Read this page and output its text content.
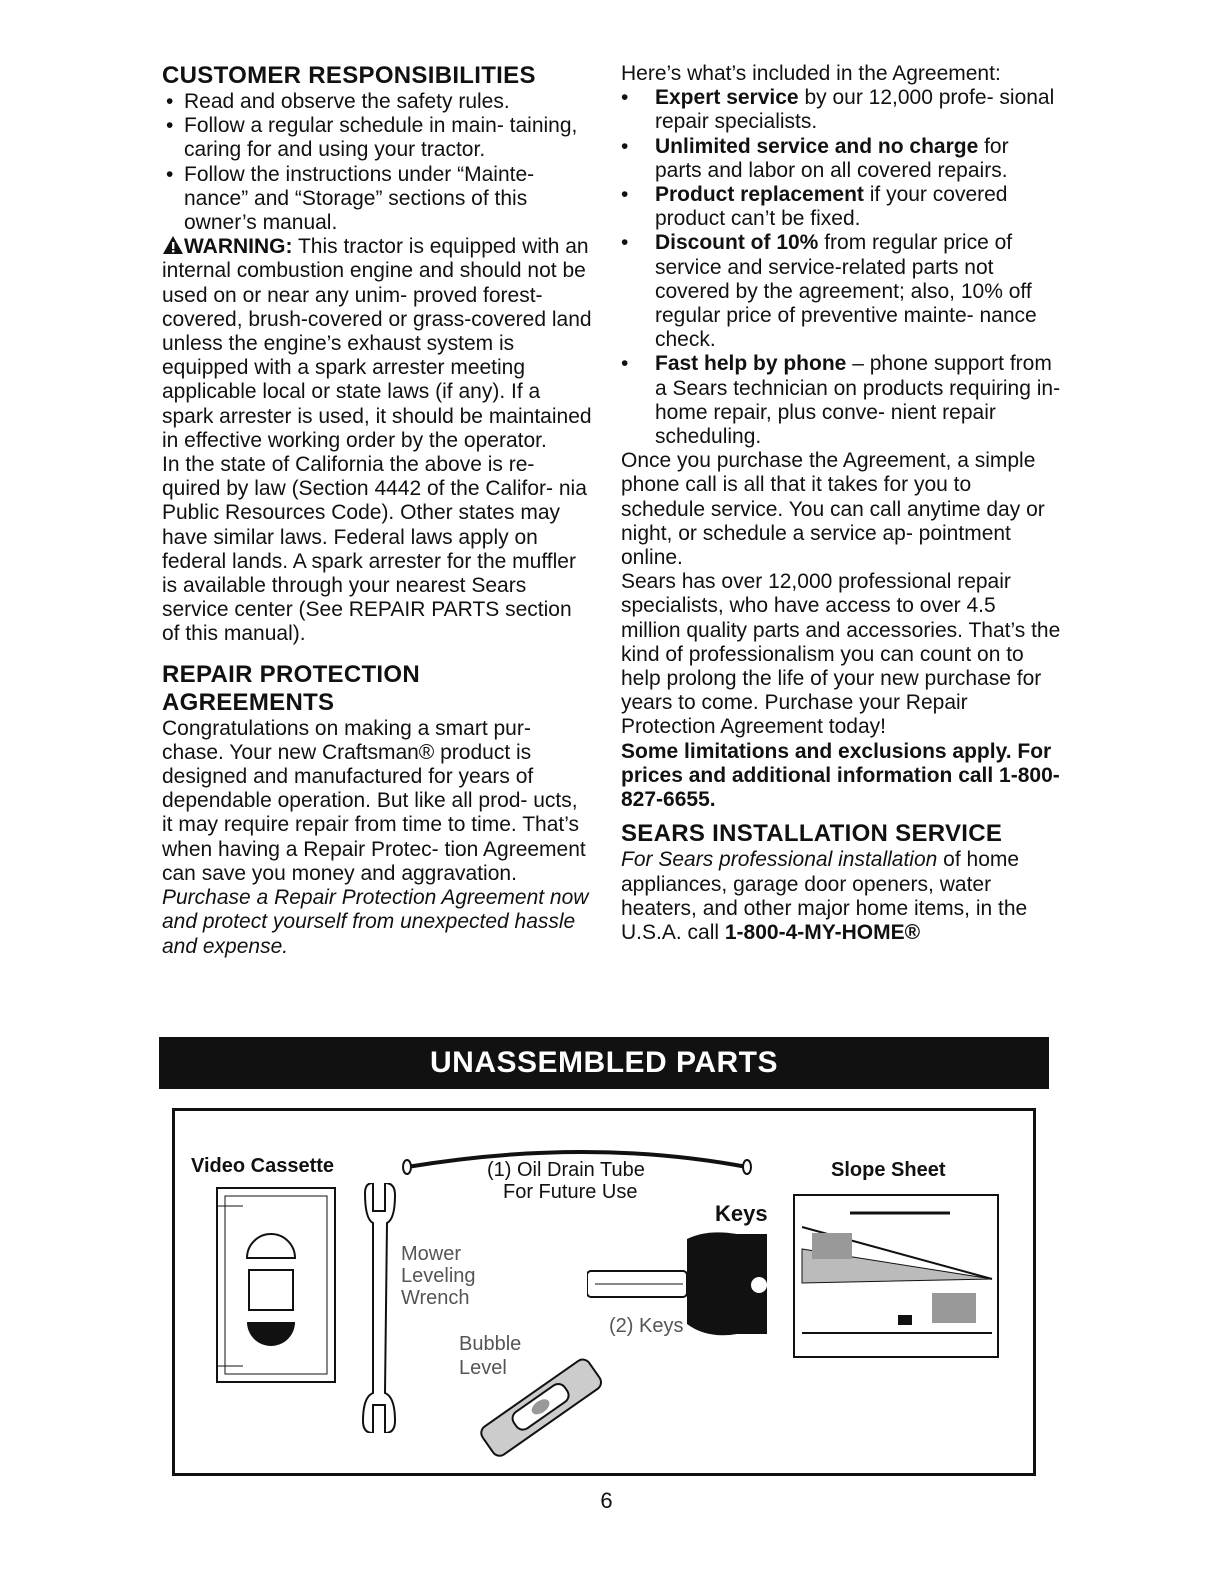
CUSTOMER RESPONSIBILITIES
• Read and observe the safety rules.
• Follow a regular schedule in main- taining, caring for and using your tractor.
• Follow the instructions under “Mainte- nance” and “Storage” sections of this owner’s manual.

WARNING: This tractor is equipped with an internal combustion engine and should not be used on or near any unim- proved forest-covered, brush-covered or grass-covered land unless the engine’s exhaust system is equipped with a spark arrester meeting applicable local or state laws (if any). If a spark arrester is used, it should be maintained in effective working order by the operator.

In the state of California the above is re- quired by law (Section 4442 of the Califor- nia Public Resources Code). Other states may have similar laws. Federal laws apply on federal lands. A spark arrester for the muffler is available through your nearest Sears service center (See REPAIR PARTS section of this manual).

REPAIR PROTECTION AGREEMENTS

Congratulations on making a smart pur- chase. Your new Craftsman® product is designed and manufactured for years of dependable operation. But like all prod- ucts, it may require repair from time to time. That’s when having a Repair Protec- tion Agreement can save you money and aggravation.

Purchase a Repair Protection Agreement now and protect yourself from unexpected hassle and expense.

Here’s what’s included in the Agreement:

• Expert service by our 12,000 profe- sional repair specialists.
• Unlimited service and no charge for parts and labor on all covered repairs.
• Product replacement if your covered product can’t be fixed.
• Discount of 10% from regular price of service and service-related parts not covered by the agreement; also, 10% off regular price of preventive mainte- nance check.
• Fast help by phone – phone support from a Sears technician on products requiring in-home repair, plus conve- nient repair scheduling.

Once you purchase the Agreement, a simple phone call is all that it takes for you to schedule service. You can call anytime day or night, or schedule a service ap- pointment online.

Sears has over 12,000 professional repair specialists, who have access to over 4.5 million quality parts and accessories. That’s the kind of professionalism you can count on to help prolong the life of your new purchase for years to come. Purchase your Repair Protection Agreement today!

Some limitations and exclusions apply. For prices and additional information call 1-800-827-6655.

SEARS INSTALLATION SERVICE

For Sears professional installation of home appliances, garage door openers, water heaters, and other major home items, in the U.S.A. call 1-800-4-MY-HOME®

UNASSEMBLED PARTS
Video Cassette	(1) Oil Drain Tube
For Future Use
Mower
Leveling
Wrench
Bubble
Level
Keys
(2) Keys
Slope Sheet
6
